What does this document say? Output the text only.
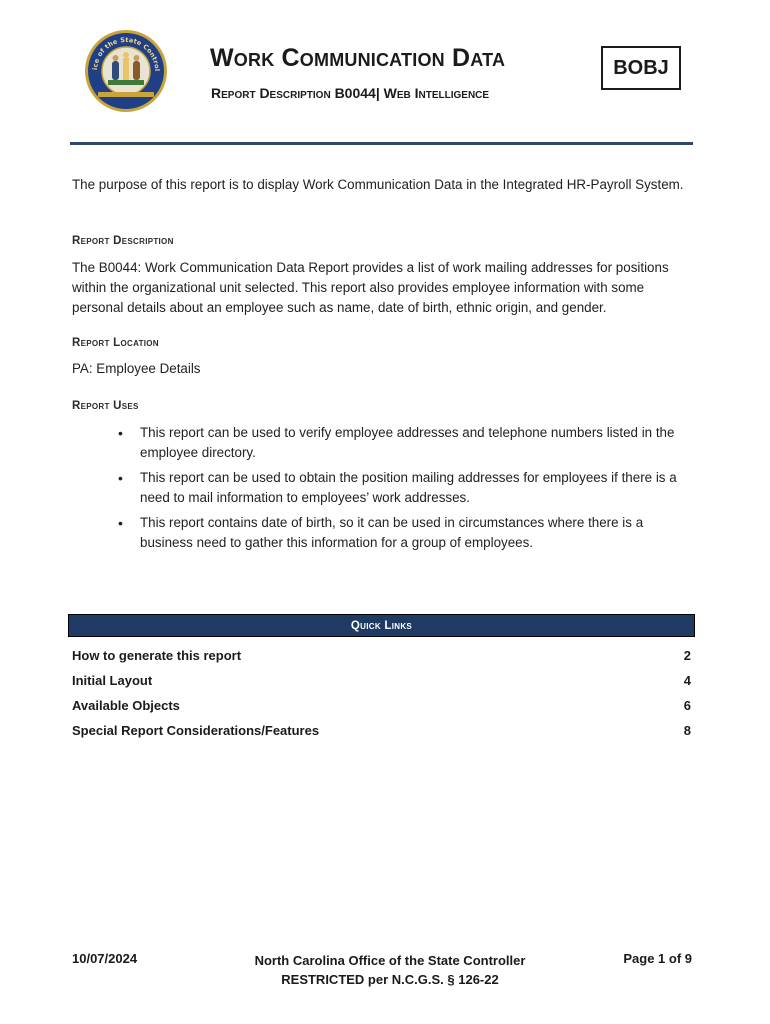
ice of the State Control Work Communication Data
Report Description B0044| Web Intelligence
BOBJ
The purpose of this report is to display Work Communication Data in the Integrated HR-Payroll System.
Report Description
The B0044: Work Communication Data Report provides a list of work mailing addresses for positions within the organizational unit selected. This report also provides employee information with some personal details about an employee such as name, date of birth, ethnic origin, and gender.
Report Location
PA: Employee Details
Report Uses
• This report can be used to verify employee addresses and telephone numbers listed in the employee directory.
• This report can be used to obtain the position mailing addresses for employees if there is a need to mail information to employees’ work addresses.
• This report contains date of birth, so it can be used in circumstances where there is a business need to gather this information for a group of employees.
Quick Links
How to generate this report	2
Initial Layout	4
Available Objects	6
Special Report Considerations/Features	8
10/07/2024	North Carolina Office of the State Controller
RESTRICTED per N.C.G.S. § 126-22
Page 1 of 9
